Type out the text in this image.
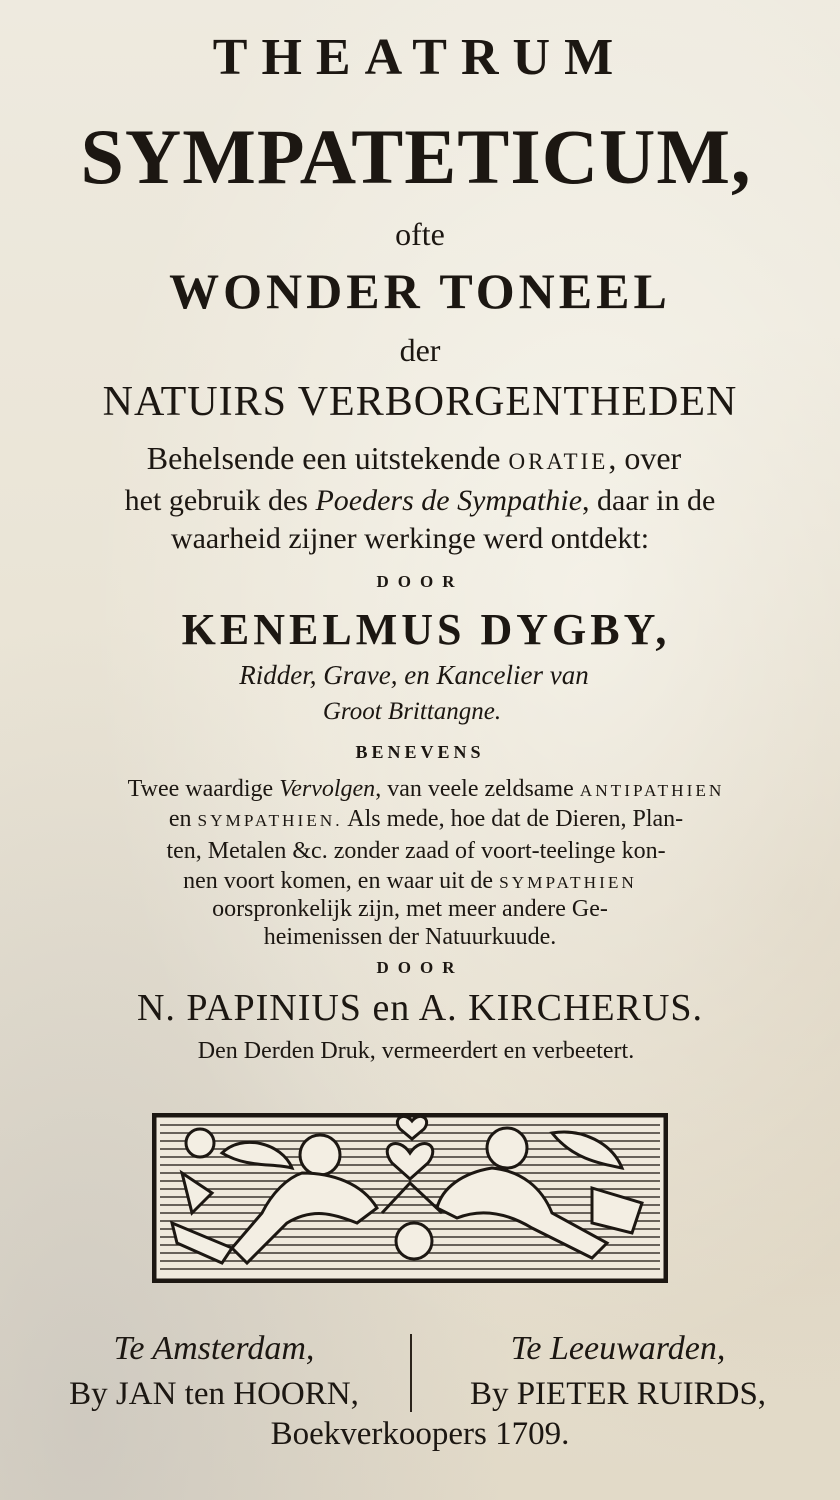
THEATRUM
SYMPATETICUM,
ofte
WONDER TONEEL
der
NATUIRS VERBORGENTHEDEN
Behelsende een uitstekende ORATIE, over
het gebruik des Poeders de Sympathie, daar in de
waarheid zijner werkinge werd ontdekt:
DOOR
KENELMUS DYGBY,
Ridder, Grave, en Kancelier van
Groot Brittangne.
BENEVENS
Twee waardige Vervolgen, van veele zeldsame ANTIPATHIEN
en SYMPATHIEN. Als mede, hoe dat de Dieren, Plan-
ten, Metalen &c. zonder zaad of voort-teelinge kon-
nen voort komen, en waar uit de SYMPATHIEN
oorspronkelijk zijn, met meer andere Ge-
heimenissen der Natuurkuude.
DOOR
N. PAPINIUS en A. KIRCHERUS.
Den Derden Druk, vermeerdert en verbeetert.
Te Amsterdam,
By JAN ten HOORN,
Te Leeuwarden,
By PIETER RUIRDS,
Boekverkoopers 1709.
